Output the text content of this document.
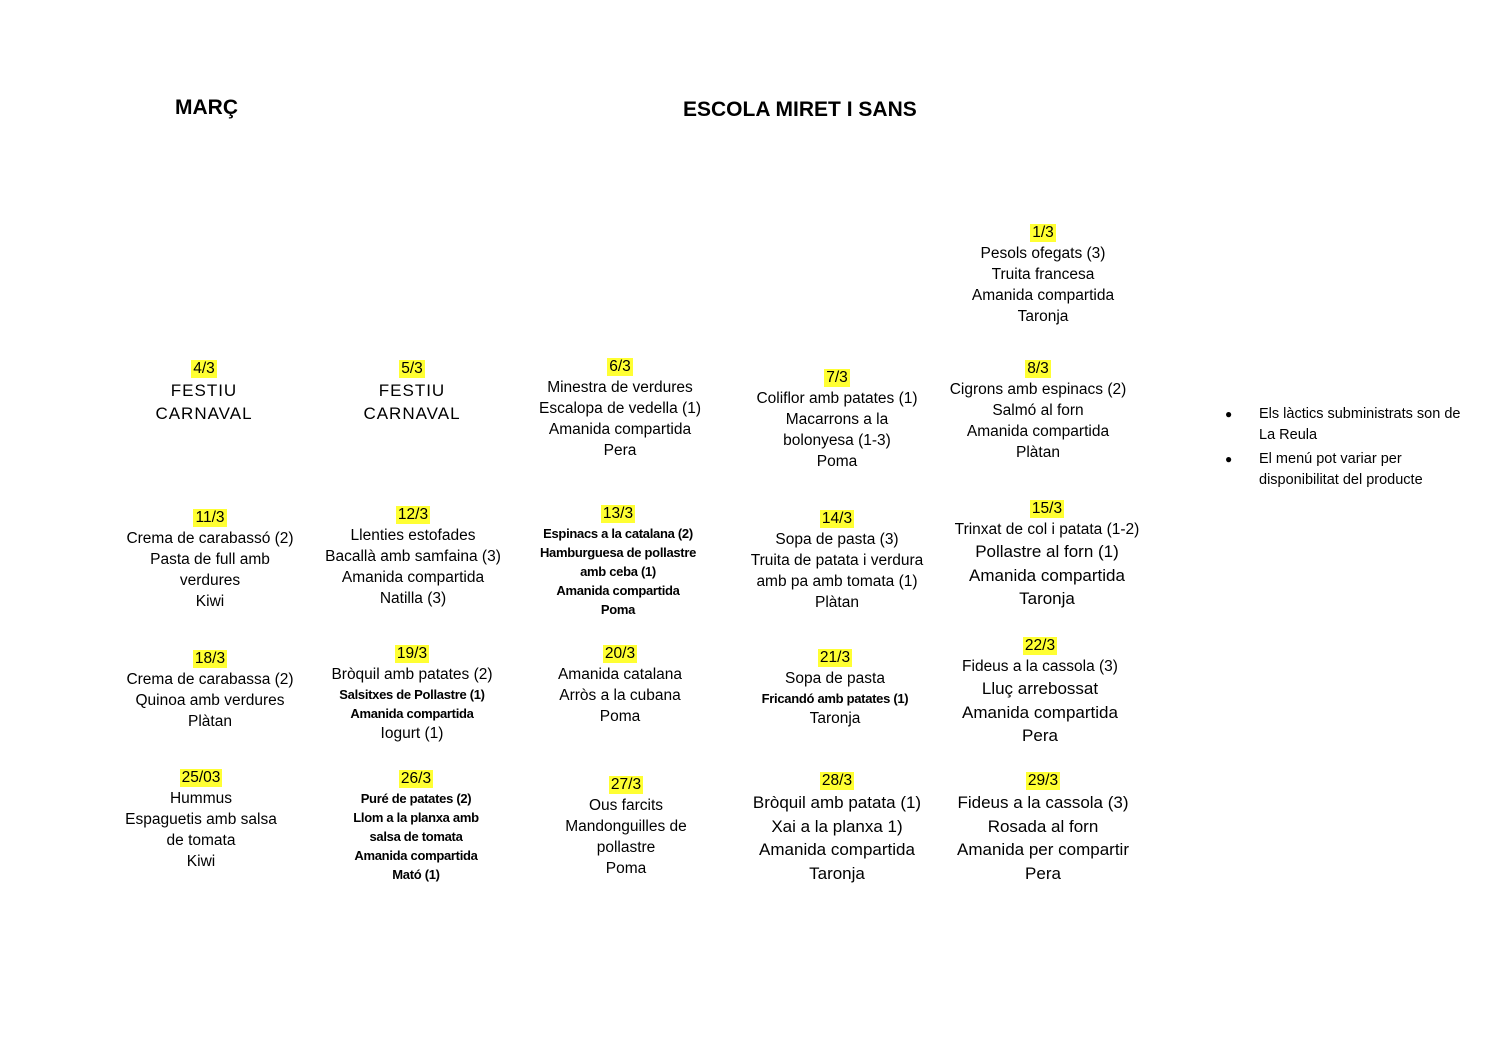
MARÇ	ESCOLA MIRET I SANS
1/3
Pesols ofegats (3)
Truita francesa
Amanida compartida
Taronja
4/3
FESTIU
CARNAVAL
5/3
FESTIU
CARNAVAL
6/3
Minestra de verdures
Escalopa de vedella (1)
Amanida compartida
Pera
7/3
Coliflor amb patates (1)
Macarrons a la
bolonyesa (1-3)
Poma
8/3
Cigrons amb espinacs (2)
Salmó al forn
Amanida compartida
Plàtan
11/3
Crema de carabassó (2)
Pasta de full amb
verdures
Kiwi
12/3
Llenties estofades
Bacallà amb samfaina (3)
Amanida compartida
Natilla (3)
13/3
Espinacs a la catalana (2)
Hamburguesa de pollastre
amb ceba (1)
Amanida compartida
Poma
14/3
Sopa de pasta (3)
Truita de patata i verdura
amb pa amb tomata (1)
Plàtan
15/3
Trinxat de col i patata (1-2)
Pollastre al forn (1)
Amanida compartida
Taronja
18/3
Crema de carabassa (2)
Quinoa amb verdures
Plàtan
19/3
Bròquil amb patates (2)
Salsitxes de Pollastre (1)
Amanida compartida
Iogurt (1)
20/3
Amanida catalana
Arròs a la cubana
Poma
21/3
Sopa de pasta
Fricandó amb patates (1)
Taronja
22/3
Fideus a la cassola (3)
Lluç arrebossat
Amanida compartida
Pera
25/03
Hummus
Espaguetis amb salsa
de tomata
Kiwi
26/3
Puré de patates (2)
Llom a la planxa amb
salsa de tomata
Amanida compartida
Mató (1)
27/3
Ous farcits
Mandonguilles de
pollastre
Poma
28/3
Bròquil amb patata (1)
Xai a la planxa 1)
Amanida compartida
Taronja
29/3
Fideus a la cassola (3)
Rosada al forn
Amanida per compartir
Pera
● Els làctics subministrats son de La Reula
● El menú pot variar per disponibilitat del producte
